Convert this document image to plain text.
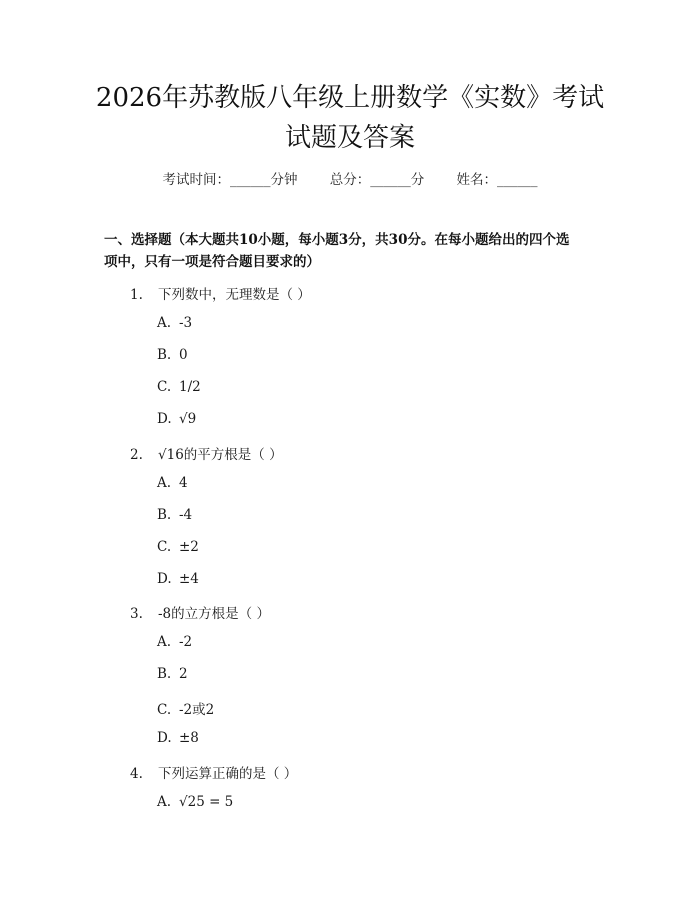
2026年苏教版八年级上册数学《实数》考试
试题及答案
考试时间：______分钟 总分：______分 姓名：______
一、选择题（本大题共10小题，每小题3分，共30分。在每小题给出的四个选
项中，只有一项是符合题目要求的）
1. 下列数中，无理数是（ ）
A. -3
B. 0
C. 1/2
D. √9
2. √16的平方根是（ ）
A. 4
B. -4
C. ±2
D. ±4
3. -8的立方根是（ ）
A. -2
B. 2
C. -2或2
D. ±8
4. 下列运算正确的是（ ）
A. √25 = 5
